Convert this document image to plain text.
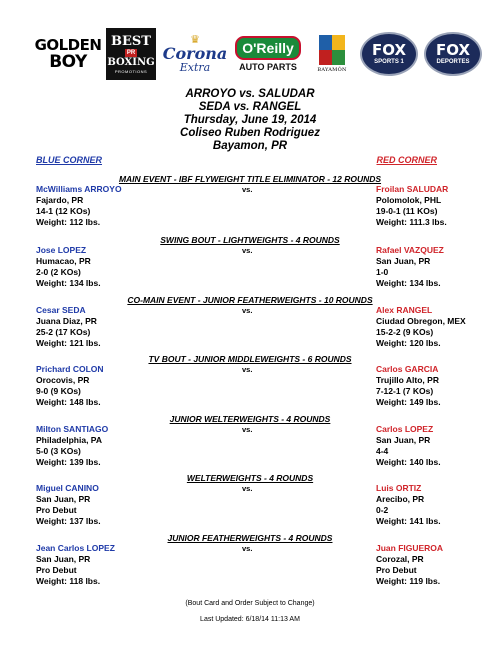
GOLDEN
BOY
BEST
PR
BOXING
PROMOTIONS
♛
Corona
Extra
O'Reilly
AUTO PARTS	BAYAMÓN
FOX
SPORTS 1
FOX
DEPORTES
ARROYO vs. SALUDAR
SEDA vs. RANGEL
Thursday, June 19, 2014
Coliseo Ruben Rodriguez
Bayamon, PR
BLUE CORNER	RED CORNER
MAIN EVENT - IBF FLYWEIGHT TITLE ELIMINATOR - 12 ROUNDS
vs.
McWilliams ARROYO
Fajardo, PR
14-1 (12 KOs)
Weight: 112 lbs.
Froilan SALUDAR
Polomolok, PHL
19-0-1 (11 KOs)
Weight: 111.3 lbs.
SWING BOUT - LIGHTWEIGHTS - 4 ROUNDS
vs.
Jose LOPEZ
Humacao, PR
2-0 (2 KOs)
Weight: 134 lbs.
Rafael VAZQUEZ
San Juan, PR
1-0
Weight: 134 lbs.
CO-MAIN EVENT - JUNIOR FEATHERWEIGHTS - 10 ROUNDS
vs.
Cesar SEDA
Juana Diaz, PR
25-2 (17 KOs)
Weight: 121 lbs.
Alex RANGEL
Ciudad Obregon, MEX
15-2-2 (9 KOs)
Weight: 120 lbs.
TV BOUT - JUNIOR MIDDLEWEIGHTS - 6 ROUNDS
vs.
Prichard COLON
Orocovis, PR
9-0 (9 KOs)
Weight: 148 lbs.
Carlos GARCIA
Trujillo Alto, PR
7-12-1 (7 KOs)
Weight: 149 lbs.
JUNIOR WELTERWEIGHTS - 4 ROUNDS
vs.
Milton SANTIAGO
Philadelphia, PA
5-0 (3 KOs)
Weight: 139 lbs.
Carlos LOPEZ
San Juan, PR
4-4
Weight: 140 lbs.
WELTERWEIGHTS - 4 ROUNDS
vs.
Miguel CANINO
San Juan, PR
Pro Debut
Weight: 137 lbs.
Luis ORTIZ
Arecibo, PR
0-2
Weight: 141 lbs.
JUNIOR FEATHERWEIGHTS - 4 ROUNDS
vs.
Jean Carlos LOPEZ
San Juan, PR
Pro Debut
Weight: 118 lbs.
Juan FIGUEROA
Corozal, PR
Pro Debut
Weight: 119 lbs.
(Bout Card and Order Subject to Change)
Last Updated: 6/18/14 11:13 AM
